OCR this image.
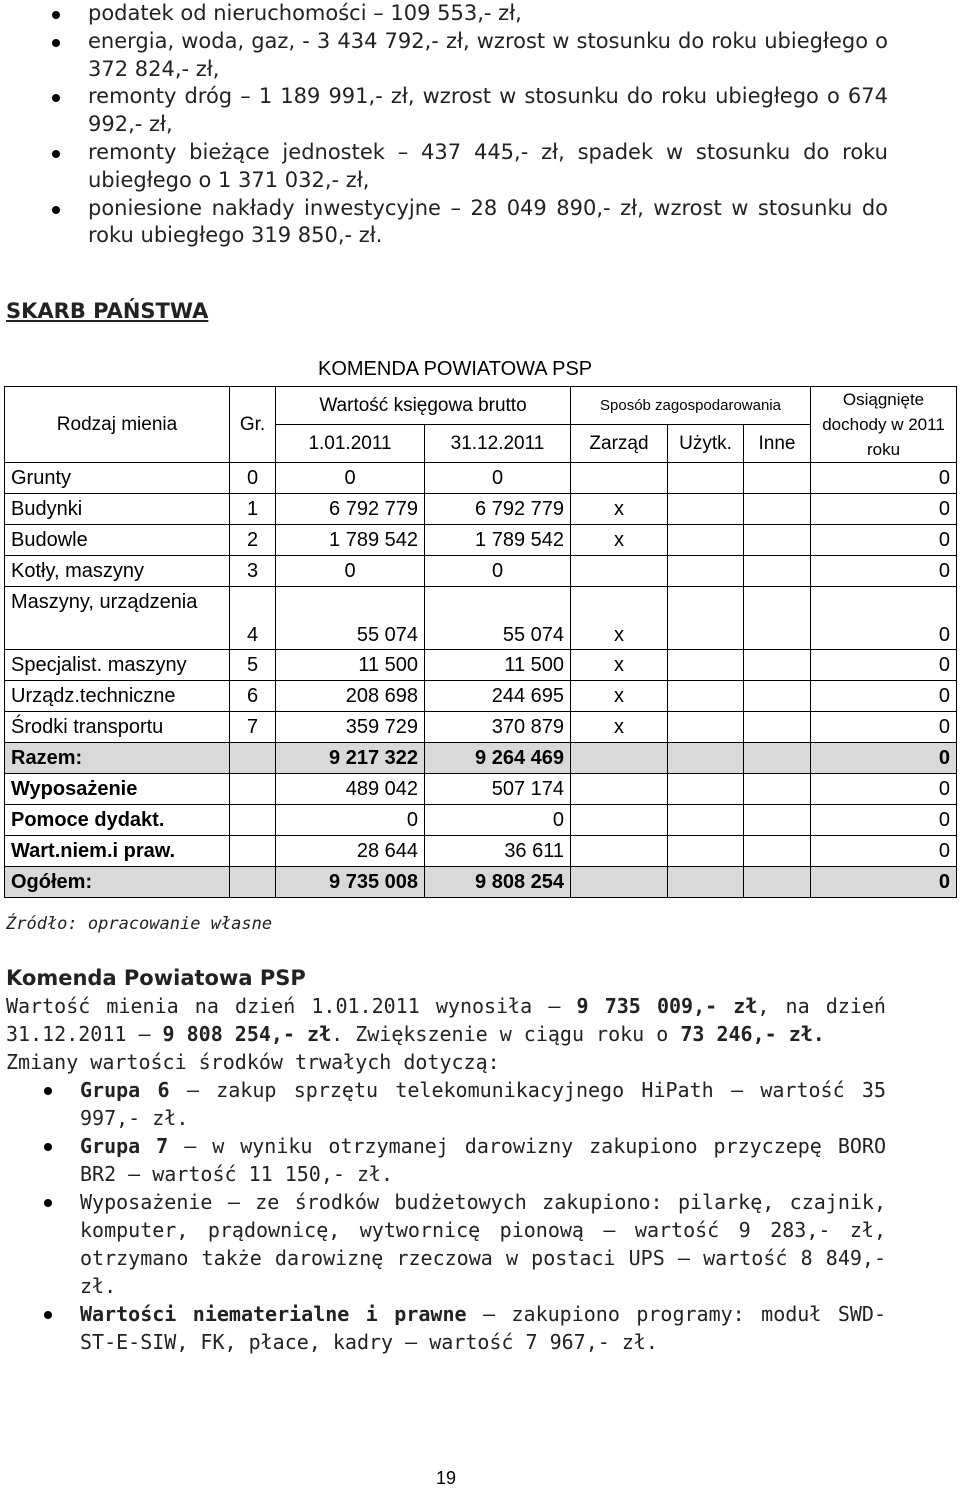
podatek od nieruchomości – 109 553,- zł,
energia, woda, gaz, - 3 434 792,- zł, wzrost w stosunku do roku ubiegłego o 372 824,- zł,
remonty dróg – 1 189 991,- zł, wzrost w stosunku do roku ubiegłego o 674 992,- zł,
remonty bieżące jednostek – 437 445,- zł, spadek w stosunku do roku ubiegłego o 1 371 032,- zł,
poniesione nakłady inwestycyjne – 28 049 890,- zł, wzrost w stosunku do roku ubiegłego 319 850,- zł.
SKARB PAŃSTWA
KOMENDA POWIATOWA PSP
Rodzaj mienia	Gr.	Wartość księgowa brutto		Sposób zagospodarowania			Osiągnięte dochody w 2011 roku
		1.01.2011	31.12.2011	Zarząd	Użytk.	Inne	
Grunty	0	0	0				0
Budynki	1	6 792 779	6 792 779	x			0
Budowle	2	1 789 542	1 789 542	x			0
Kotły, maszyny	3	0	0				0
Maszyny, urządzenia	4	55 074	55 074	x			0
Specjalist. maszyny	5	11 500	11 500	x			0
Urządz.techniczne	6	208 698	244 695	x			0
Środki transportu	7	359 729	370 879	x			0
Razem:		9 217 322	9 264 469				0
Wyposażenie		489 042	507 174				0
Pomoce dydakt.		0	0				0
Wart.niem.i praw.		28 644	36 611				0
Ogółem:		9 735 008	9 808 254				0
Źródło: opracowanie własne
Komenda Powiatowa PSP

Wartość mienia na dzień 1.01.2011 wynosiła – 9 735 009,- zł, na dzień 31.12.2011 – 9 808 254,- zł. Zwiększenie w ciągu roku o 73 246,- zł.

Zmiany wartości środków trwałych dotyczą:

Grupa 6 – zakup sprzętu telekomunikacyjnego HiPath – wartość 35 997,- zł.
Grupa 7 – w wyniku otrzymanej darowizny zakupiono przyczepę BORO BR2 – wartość 11 150,- zł.
Wyposażenie – ze środków budżetowych zakupiono: pilarkę, czajnik, komputer, prądownicę, wytwornicę pionową – wartość 9 283,- zł, otrzymano także darowiznę rzeczowa w postaci UPS – wartość 8 849,- zł.
Wartości niematerialne i prawne – zakupiono programy: moduł SWD-ST-E-SIW, FK, płace, kadry – wartość 7 967,- zł.
19
